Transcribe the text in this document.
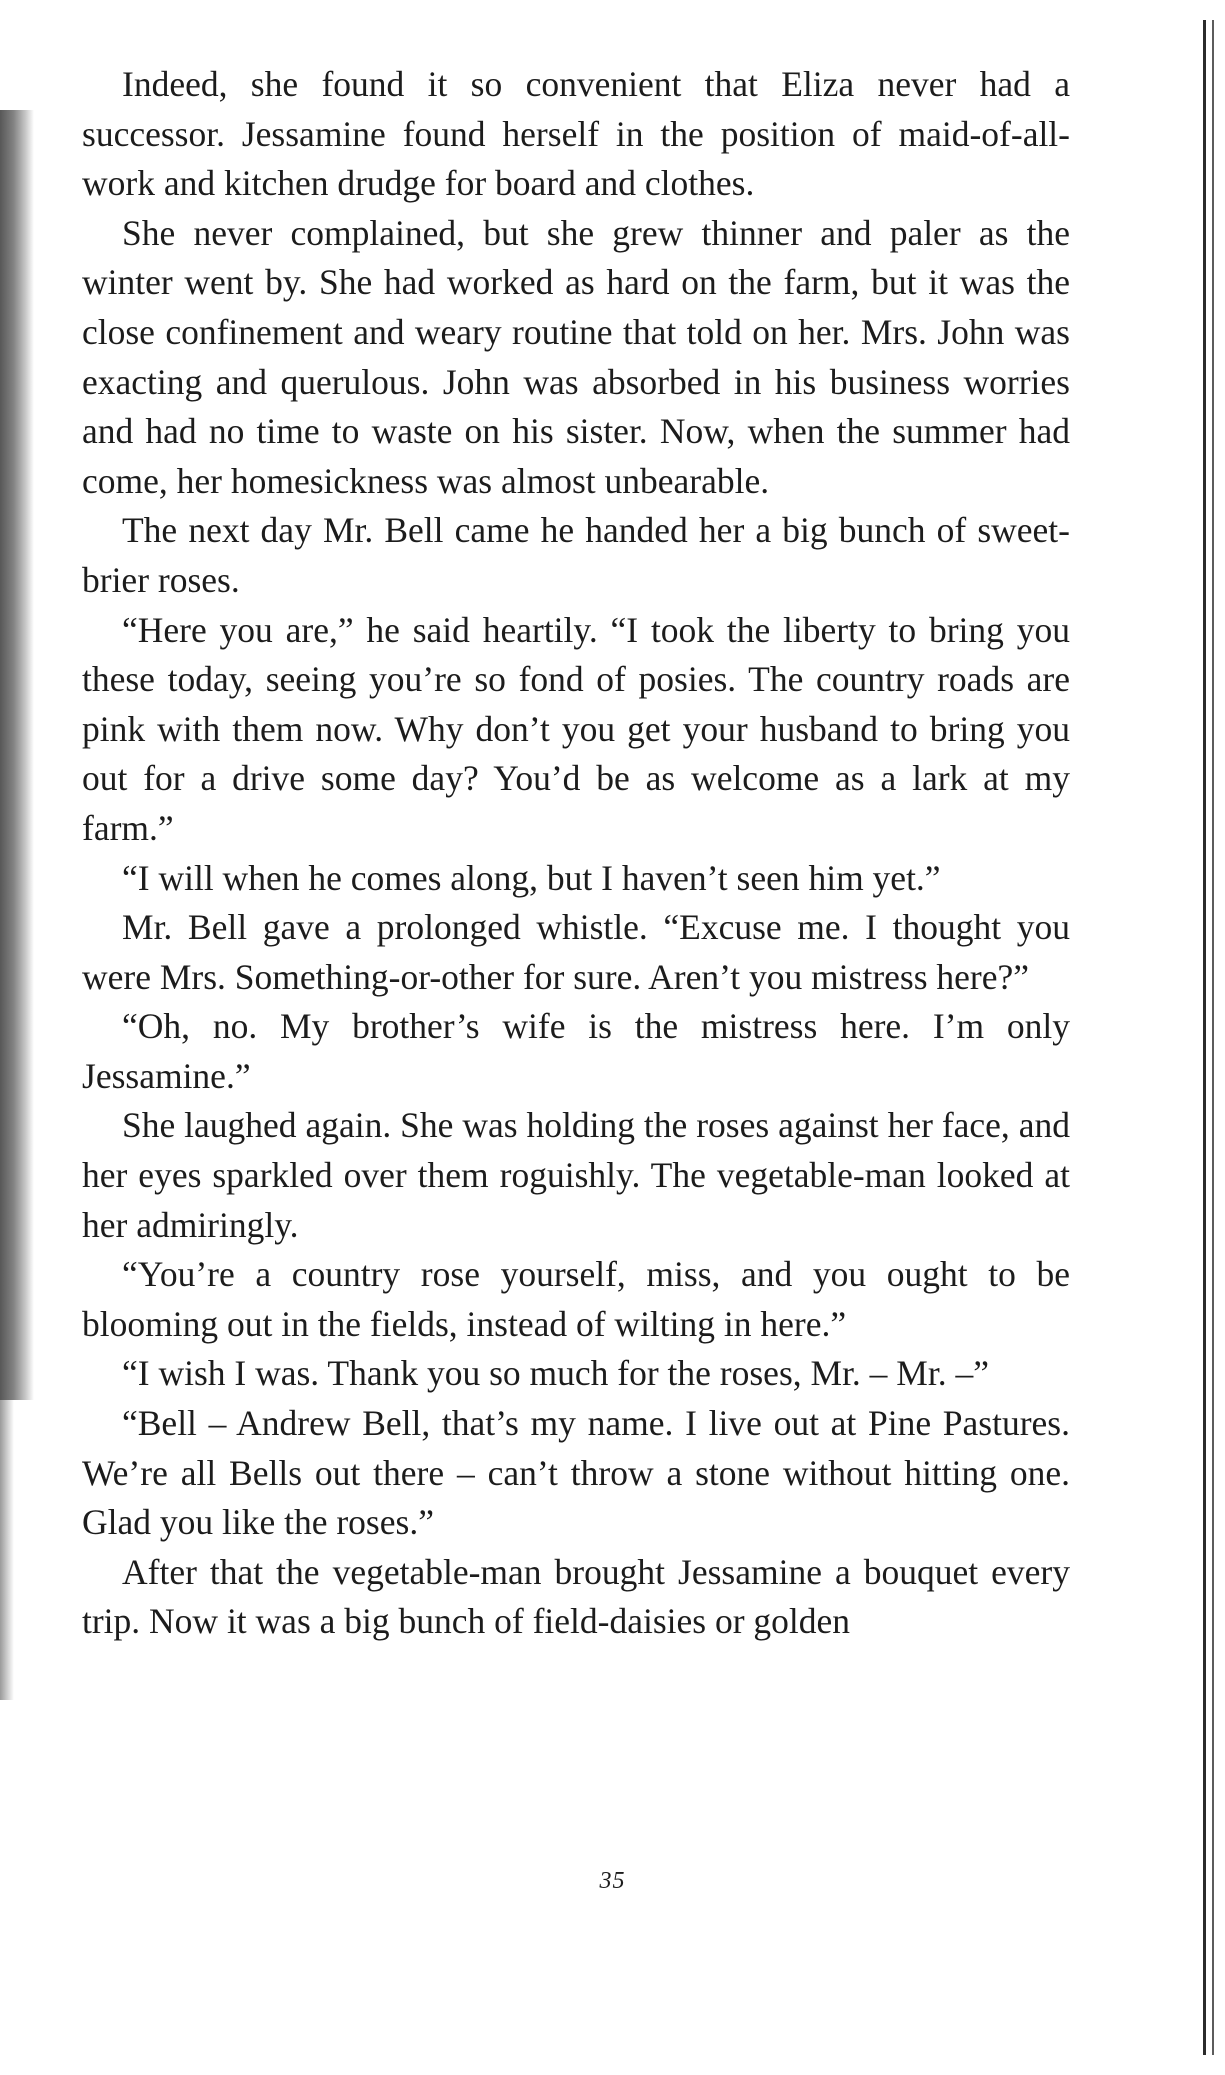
Indeed, she found it so convenient that Eliza never had a successor. Jessamine found herself in the position of maid-of-all-work and kitchen drudge for board and clothes.

She never complained, but she grew thinner and paler as the winter went by. She had worked as hard on the farm, but it was the close confinement and weary routine that told on her. Mrs. John was exacting and querulous. John was absorbed in his business worries and had no time to waste on his sister. Now, when the summer had come, her homesickness was almost unbearable.

The next day Mr. Bell came he handed her a big bunch of sweet-brier roses.

“Here you are,” he said heartily. “I took the liberty to bring you these today, seeing you’re so fond of posies. The country roads are pink with them now. Why don’t you get your husband to bring you out for a drive some day? You’d be as welcome as a lark at my farm.”

“I will when he comes along, but I haven’t seen him yet.”

Mr. Bell gave a prolonged whistle. “Excuse me. I thought you were Mrs. Something-or-other for sure. Aren’t you mistress here?”

“Oh, no. My brother’s wife is the mistress here. I’m only Jessamine.”

She laughed again. She was holding the roses against her face, and her eyes sparkled over them roguishly. The vegetable-man looked at her admiringly.

“You’re a country rose yourself, miss, and you ought to be blooming out in the fields, instead of wilting in here.”

“I wish I was. Thank you so much for the roses, Mr. – Mr. –”

“Bell – Andrew Bell, that’s my name. I live out at Pine Pastures. We’re all Bells out there – can’t throw a stone without hitting one. Glad you like the roses.”

After that the vegetable-man brought Jessamine a bouquet every trip. Now it was a big bunch of field-daisies or golden

35
